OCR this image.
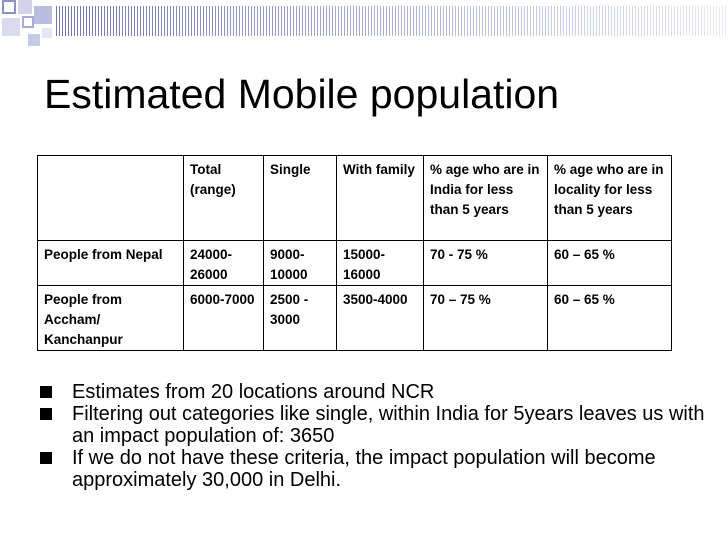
Estimated Mobile population
	Total (range)	Single	With family	% age who are in India for less than 5 years	% age who are in locality for less than 5 years
People from Nepal	24000-26000	9000-10000	15000-16000	70 - 75 %	60 – 65 %
People from Accham/ Kanchanpur	6000-7000	2500 - 3000	3500-4000	70 – 75 %	60 – 65 %
Estimates from 20 locations around NCR
Filtering out categories like single, within India for 5years leaves us with an impact population of: 3650
If we do not have these criteria, the impact population will become approximately 30,000 in Delhi.
